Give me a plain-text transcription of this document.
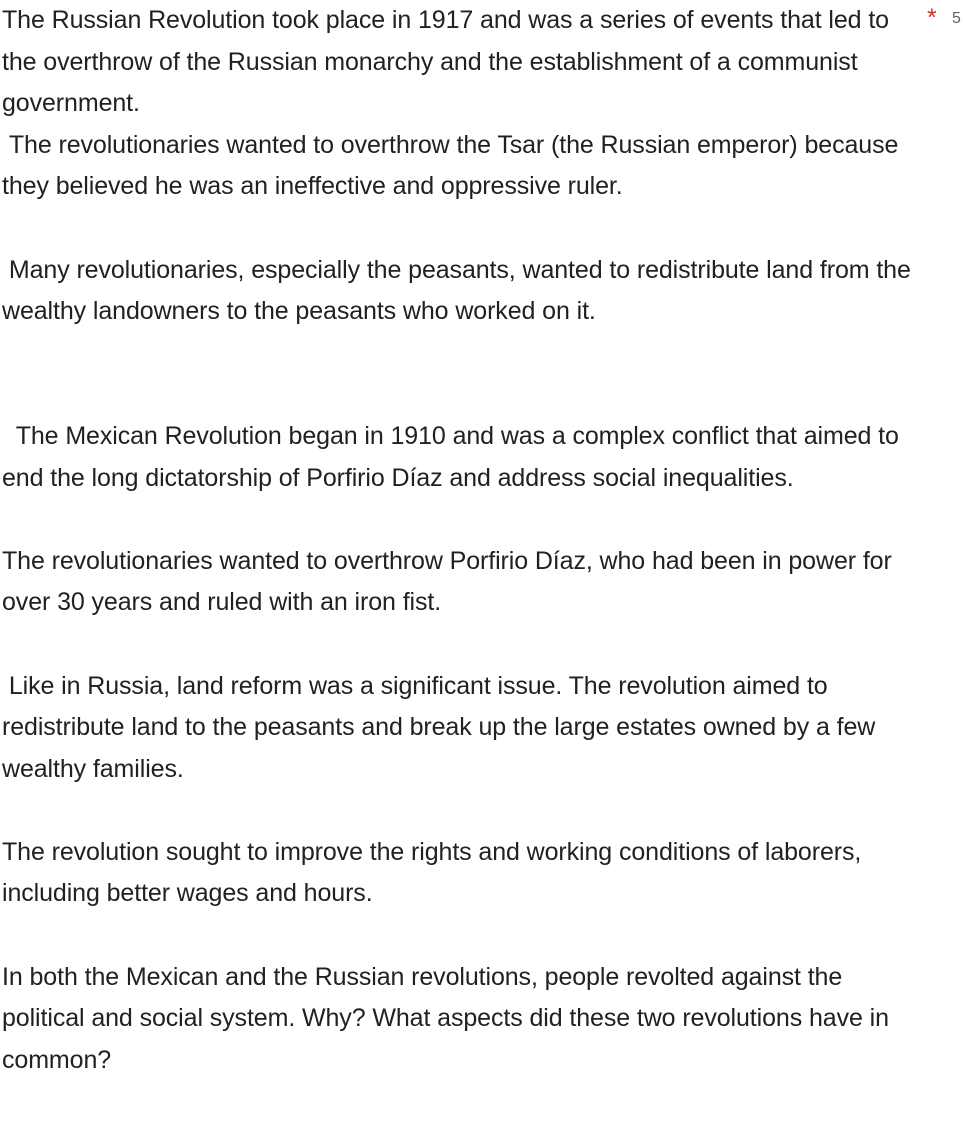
The Russian Revolution took place in 1917 and was a series of events that led to the overthrow of the Russian monarchy and the establishment of a communist government.
The revolutionaries wanted to overthrow the Tsar (the Russian emperor) because they believed he was an ineffective and oppressive ruler.

Many revolutionaries, especially the peasants, wanted to redistribute land from the wealthy landowners to the peasants who worked on it.

The Mexican Revolution began in 1910 and was a complex conflict that aimed to end the long dictatorship of Porfirio Díaz and address social inequalities.

The revolutionaries wanted to overthrow Porfirio Díaz, who had been in power for over 30 years and ruled with an iron fist.

Like in Russia, land reform was a significant issue. The revolution aimed to redistribute land to the peasants and break up the large estates owned by a few wealthy families.

The revolution sought to improve the rights and working conditions of laborers, including better wages and hours.

In both the Mexican and the Russian revolutions, people revolted against the political and social system. Why? What aspects did these two revolutions have in common?

* 5
